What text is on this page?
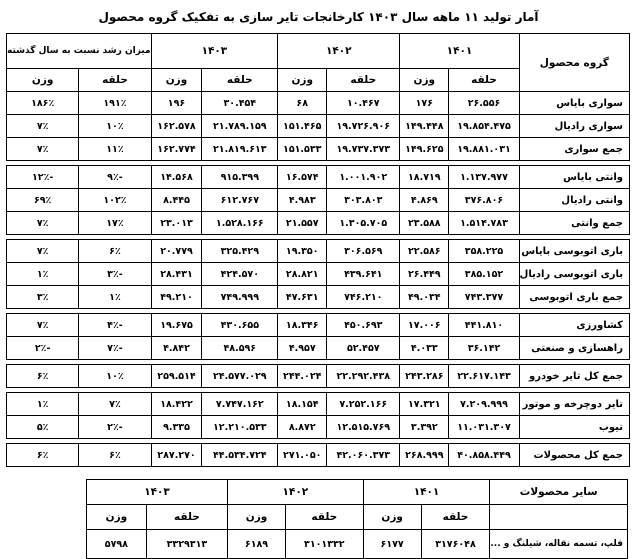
آمار تولید ۱۱ ماهه سال ۱۴۰۳ کارخانجات تایر سازی به تفکیک گروه محصول
گروه محصول	۱۴۰۱		۱۴۰۲		۱۴۰۳		میزان رشد نسبت به سال گذشته	
	حلقه	وزن	حلقه	وزن	حلقه	وزن	حلقه	وزن
سواری بایاس	۲۶.۵۵۶	۱۷۶	۱۰.۴۶۷	۶۸	۳۰.۴۵۴	۱۹۶	۱۹۱٪	۱۸۶٪
سواری رادیال	۱۹.۸۵۴.۴۷۵	۱۴۹.۴۴۸	۱۹.۷۲۶.۹۰۶	۱۵۱.۴۶۵	۲۱.۷۸۹.۱۵۹	۱۶۲.۵۷۸	۱۰٪	۷٪
جمع سواری	۱۹.۸۸۱.۰۳۱	۱۴۹.۶۲۵	۱۹.۷۳۷.۳۷۳	۱۵۱.۵۳۳	۲۱.۸۱۹.۶۱۳	۱۶۲.۷۷۴	۱۱٪	۷٪

وانتی بایاس	۱.۱۳۷.۹۷۷	۱۸.۷۱۹	۱.۰۰۱.۹۰۲	۱۶.۵۷۴	۹۱۵.۳۹۹	۱۴.۵۶۸	-۹٪	-۱۲٪
وانتی رادیال	۳۷۶.۸۰۶	۴.۸۶۹	۳۰۳.۸۰۳	۴.۹۸۳	۶۱۲.۷۶۷	۸.۴۴۵	۱۰۲٪	۶۹٪
جمع وانتی	۱.۵۱۴.۷۸۳	۲۳.۵۸۸	۱.۳۰۵.۷۰۵	۲۱.۵۵۷	۱.۵۲۸.۱۶۶	۲۳.۰۱۳	۱۷٪	۷٪

باری اتوبوسی بایاس	۳۵۸.۲۲۵	۲۲.۵۸۶	۳۰۶.۵۶۹	۱۹.۳۵۰	۳۲۵.۴۲۹	۲۰.۷۷۹	۶٪	۷٪
باری اتوبوسی رادیال	۳۸۵.۱۵۲	۲۶.۴۴۹	۴۳۹.۶۴۱	۲۸.۸۲۱	۴۲۴.۵۷۰	۲۸.۴۳۱	-۳٪	۱٪
جمع باری اتوبوسی	۷۴۳.۳۷۷	۴۹.۰۳۴	۷۴۶.۲۱۰	۴۷.۶۳۱	۷۴۹.۹۹۹	۴۹.۲۱۰	۱٪	۳٪

کشاورزی	۴۴۱.۸۱۰	۱۷.۰۰۶	۴۵۰.۶۹۳	۱۸.۳۴۶	۴۳۰.۶۵۵	۱۹.۶۷۵	-۴٪	۷٪
راهسازی و صنعتی	۳۶.۱۴۲	۴.۰۳۳	۵۲.۴۵۷	۴.۹۵۷	۴۸.۵۹۶	۴.۸۴۲	-۷٪	-۲٪

جمع کل تایر خودرو	۲۲.۶۱۷.۱۴۳	۲۴۳.۲۸۶	۲۲.۲۹۲.۴۳۸	۲۴۴.۰۲۴	۲۴.۵۷۷.۰۲۹	۲۵۹.۵۱۴	۱۰٪	۶٪

تایر دوچرخه و موتور	۷.۲۰۹.۹۹۹	۱۷.۳۲۱	۷.۲۵۲.۱۶۶	۱۸.۱۵۴	۷.۷۴۷.۱۶۲	۱۸.۴۲۲	۷٪	۱٪
تیوب	۱۱.۰۳۱.۳۰۷	۳.۳۹۲	۱۲.۵۱۵.۷۶۹	۸.۸۷۲	۱۲.۲۱۰.۵۳۳	۹.۳۳۵	-۲٪	۵٪

جمع کل محصولات	۴۰.۸۵۸.۴۴۹	۲۶۸.۹۹۹	۴۲.۰۶۰.۳۷۳	۲۷۱.۰۵۰	۴۴.۵۳۴.۷۲۴	۲۸۷.۲۷۰	۶٪	۶٪
سایر محصولات	۱۴۰۱		۱۴۰۲		۱۴۰۳	
	حلقه	وزن	حلقه	وزن	حلقه	وزن
فلپ، تسمه نقاله، شیلنگ و ...	۳۱۷۶۰۴۸	۶۱۷۷	۳۱۰۱۳۳۲	۶۱۸۹	۳۳۲۹۳۱۳	۵۷۹۸
